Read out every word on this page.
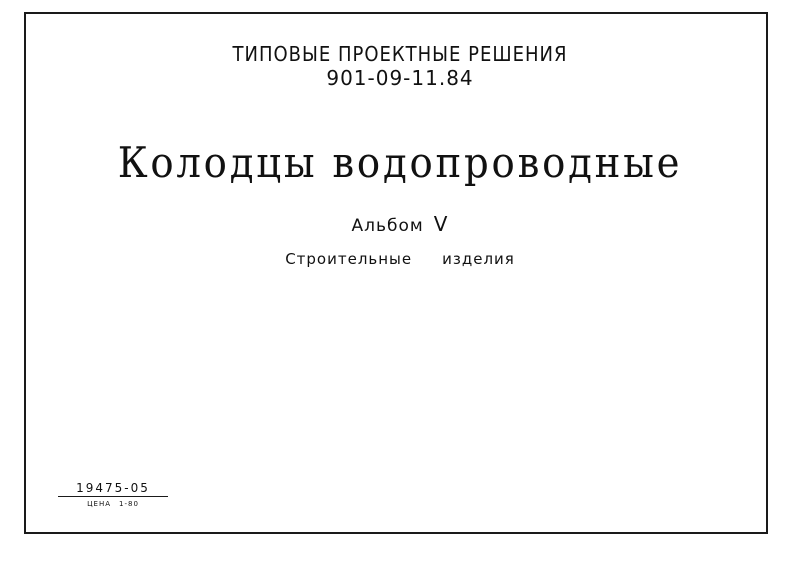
ТИПОВЫЕ ПРОЕКТНЫЕ РЕШЕНИЯ
901-09-11.84
Колодцы водопроводные
Альбом V
Строительные изделия
19475-05
ЦЕНА 1-80
